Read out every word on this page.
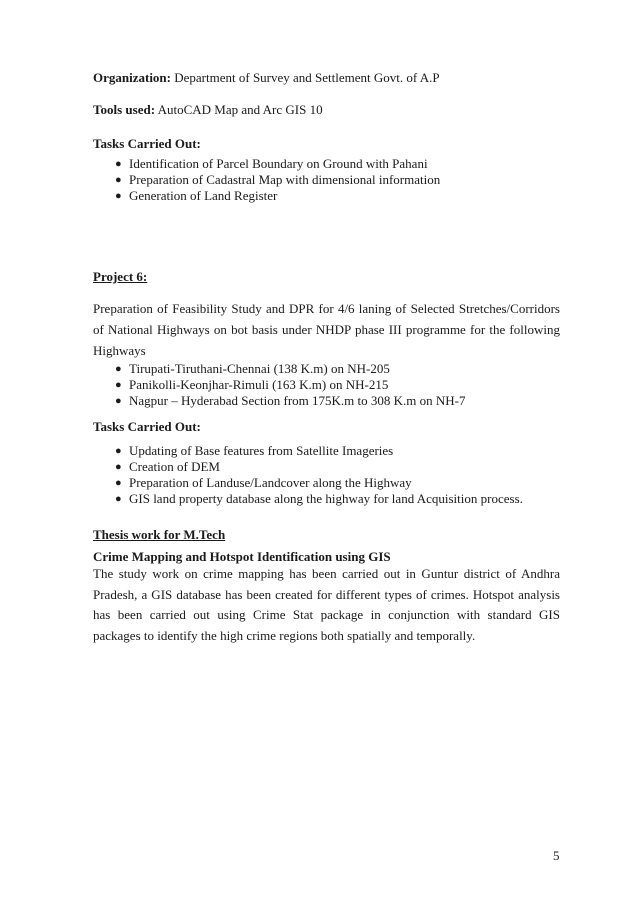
Organization: Department of Survey and Settlement Govt. of A.P
Tools used: AutoCAD Map and Arc GIS 10
Tasks Carried Out:
● Identification of Parcel Boundary on Ground with Pahani
● Preparation of Cadastral Map with dimensional information
● Generation of Land Register
Project 6:
Preparation of Feasibility Study and DPR for 4/6 laning of Selected Stretches/Corridors of National Highways on bot basis under NHDP phase III programme for the following Highways
● Tirupati-Tiruthani-Chennai (138 K.m) on NH-205
● Panikolli-Keonjhar-Rimuli (163 K.m) on NH-215
● Nagpur – Hyderabad Section from 175K.m to 308 K.m on NH-7
Tasks Carried Out:
● Updating of Base features from Satellite Imageries
● Creation of DEM
● Preparation of Landuse/Landcover along the Highway
● GIS land property database along the highway for land Acquisition process.
Thesis work for M.Tech
Crime Mapping and Hotspot Identification using GIS
The study work on crime mapping has been carried out in Guntur district of Andhra Pradesh, a GIS database has been created for different types of crimes. Hotspot analysis has been carried out using Crime Stat package in conjunction with standard GIS packages to identify the high crime regions both spatially and temporally.
5
